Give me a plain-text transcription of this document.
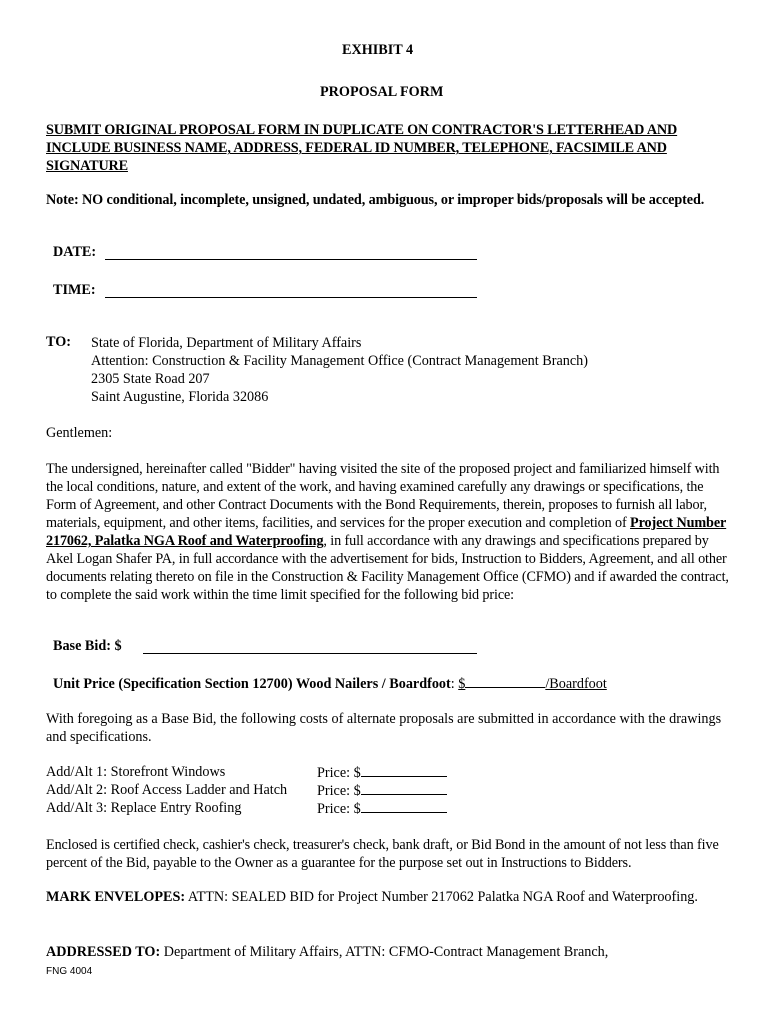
EXHIBIT 4
PROPOSAL FORM
SUBMIT ORIGINAL PROPOSAL FORM IN DUPLICATE ON CONTRACTOR'S LETTERHEAD AND INCLUDE BUSINESS NAME, ADDRESS, FEDERAL ID NUMBER, TELEPHONE, FACSIMILE AND SIGNATURE
Note: NO conditional, incomplete, unsigned, undated, ambiguous, or improper bids/proposals will be accepted.
DATE:
TIME:
TO: State of Florida, Department of Military Affairs
Attention: Construction & Facility Management Office (Contract Management Branch)
2305 State Road 207
Saint Augustine, Florida 32086
Gentlemen:
The undersigned, hereinafter called "Bidder" having visited the site of the proposed project and familiarized himself with the local conditions, nature, and extent of the work, and having examined carefully any drawings or specifications, the Form of Agreement, and other Contract Documents with the Bond Requirements, therein, proposes to furnish all labor, materials, equipment, and other items, facilities, and services for the proper execution and completion of Project Number 217062, Palatka NGA Roof and Waterproofing, in full accordance with any drawings and specifications prepared by Akel Logan Shafer PA, in full accordance with the advertisement for bids, Instruction to Bidders, Agreement, and all other documents relating thereto on file in the Construction & Facility Management Office (CFMO) and if awarded the contract, to complete the said work within the time limit specified for the following bid price:
Base Bid: $
Unit Price (Specification Section 12700) Wood Nailers / Boardfoot: $	/Boardfoot
With foregoing as a Base Bid, the following costs of alternate proposals are submitted in accordance with the drawings and specifications.
Add/Alt 1: Storefront Windows	Price: $
Add/Alt 2: Roof Access Ladder and Hatch Price: $
Add/Alt 3: Replace Entry Roofing	Price: $
Enclosed is certified check, cashier's check, treasurer's check, bank draft, or Bid Bond in the amount of not less than five percent of the Bid, payable to the Owner as a guarantee for the purpose set out in Instructions to Bidders.
MARK ENVELOPES: ATTN: SEALED BID for Project Number 217062 Palatka NGA Roof and Waterproofing.
ADDRESSED TO: Department of Military Affairs, ATTN: CFMO-Contract Management Branch,
FNG 4004
